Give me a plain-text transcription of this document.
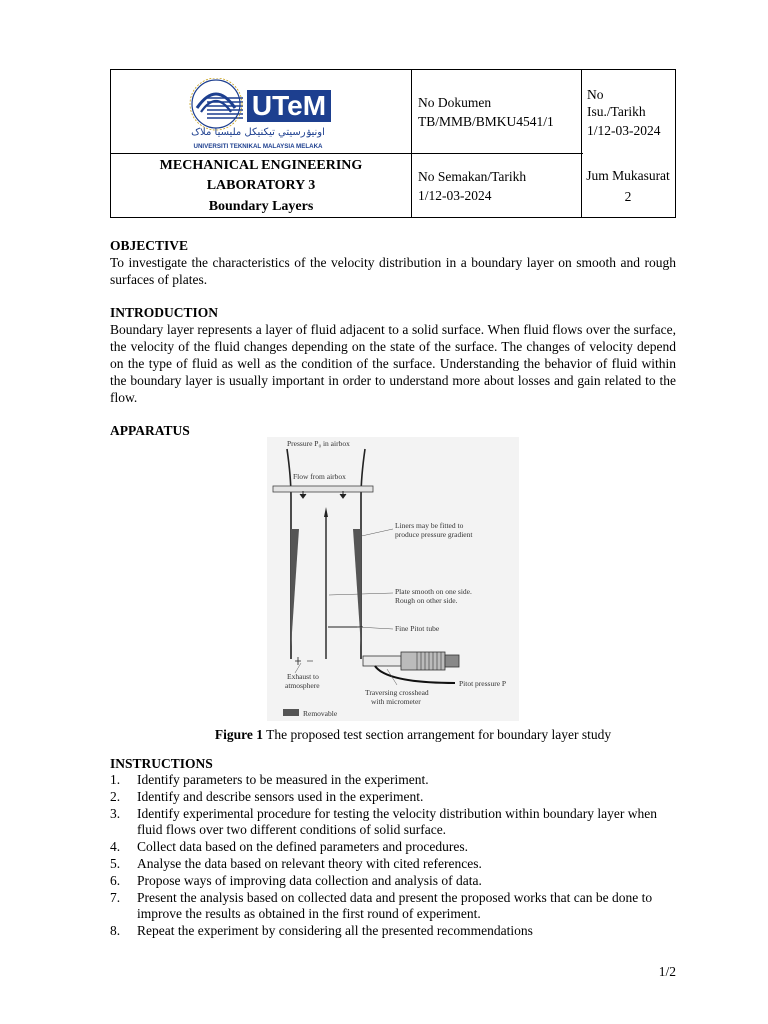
UTeM
اونيۏرسيتي تيکنيکل مليسيا ملاک
UNIVERSITI TEKNIKAL MALAYSIA MELAKA
No Dokumen
TB/MMB/BMKU4541/1
No
Isu./Tarikh
1/12-03-2024
MECHANICAL ENGINEERING
LABORATORY 3
Boundary Layers
No Semakan/Tarikh
1/12-03-2024
Jum Mukasurat
2
OBJECTIVE
To investigate the characteristics of the velocity distribution in a boundary layer on smooth and rough surfaces of plates.
INTRODUCTION
Boundary layer represents a layer of fluid adjacent to a solid surface. When fluid flows over the surface, the velocity of the fluid changes depending on the state of the surface. The changes of velocity depend on the type of fluid as well as the condition of the surface. Understanding the behavior of fluid within the boundary layer is usually important in order to understand more about losses and gain related to the flow.
APPARATUS
Pressure P₀ in airbox
Flow from airbox
Liners may be fitted to
produce pressure gradient
Plate smooth on one side.
Rough on other side.
Fine Pitot tube
Exhaust to
atmosphere	Pitot pressure P
Traversing crosshead
with micrometer
Removable
Figure 1 The proposed test section arrangement for boundary layer study
INSTRUCTIONS
1. Identify parameters to be measured in the experiment.
2. Identify and describe sensors used in the experiment.
3. Identify experimental procedure for testing the velocity distribution within boundary layer when fluid flows over two different conditions of solid surface.
4. Collect data based on the defined parameters and procedures.
5. Analyse the data based on relevant theory with cited references.
6. Propose ways of improving data collection and analysis of data.
7. Present the analysis based on collected data and present the proposed works that can be done to improve the results as obtained in the first round of experiment.
8. Repeat the experiment by considering all the presented recommendations
1/2
